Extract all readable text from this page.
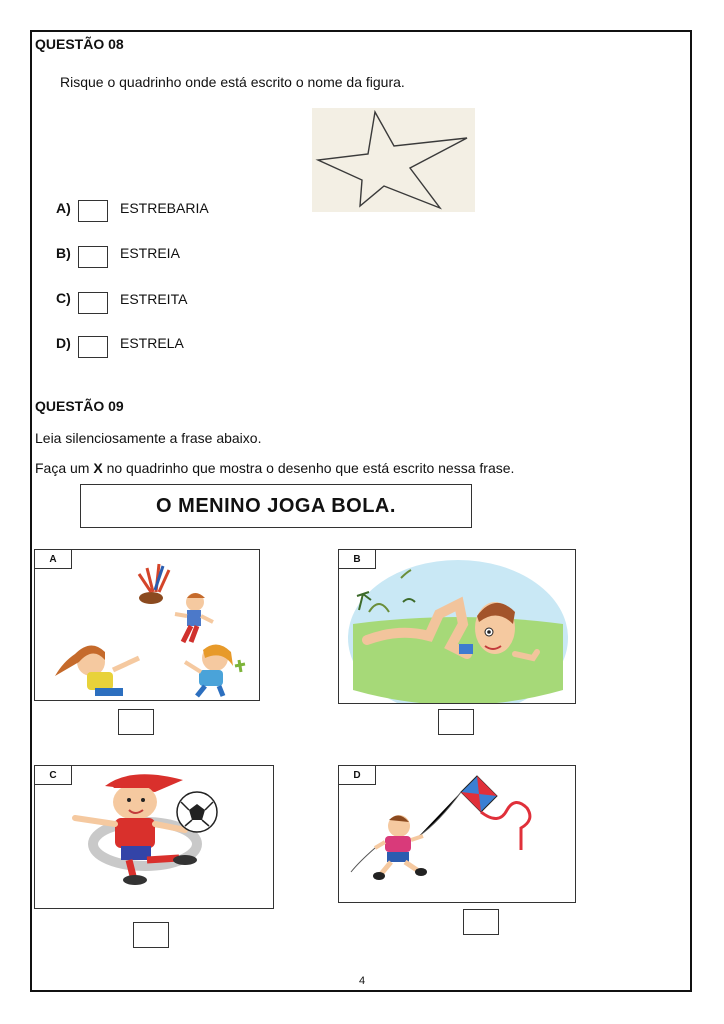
QUESTÃO 08
Risque o quadrinho onde está escrito o nome da figura.
A)	ESTREBARIA
B)	ESTREIA
C)	ESTREITA
D)	ESTRELA
QUESTÃO 09
Leia silenciosamente a frase abaixo.
Faça um X no quadrinho que mostra o desenho que está escrito nessa frase.
O MENINO JOGA BOLA.
A	B
C	D
4
